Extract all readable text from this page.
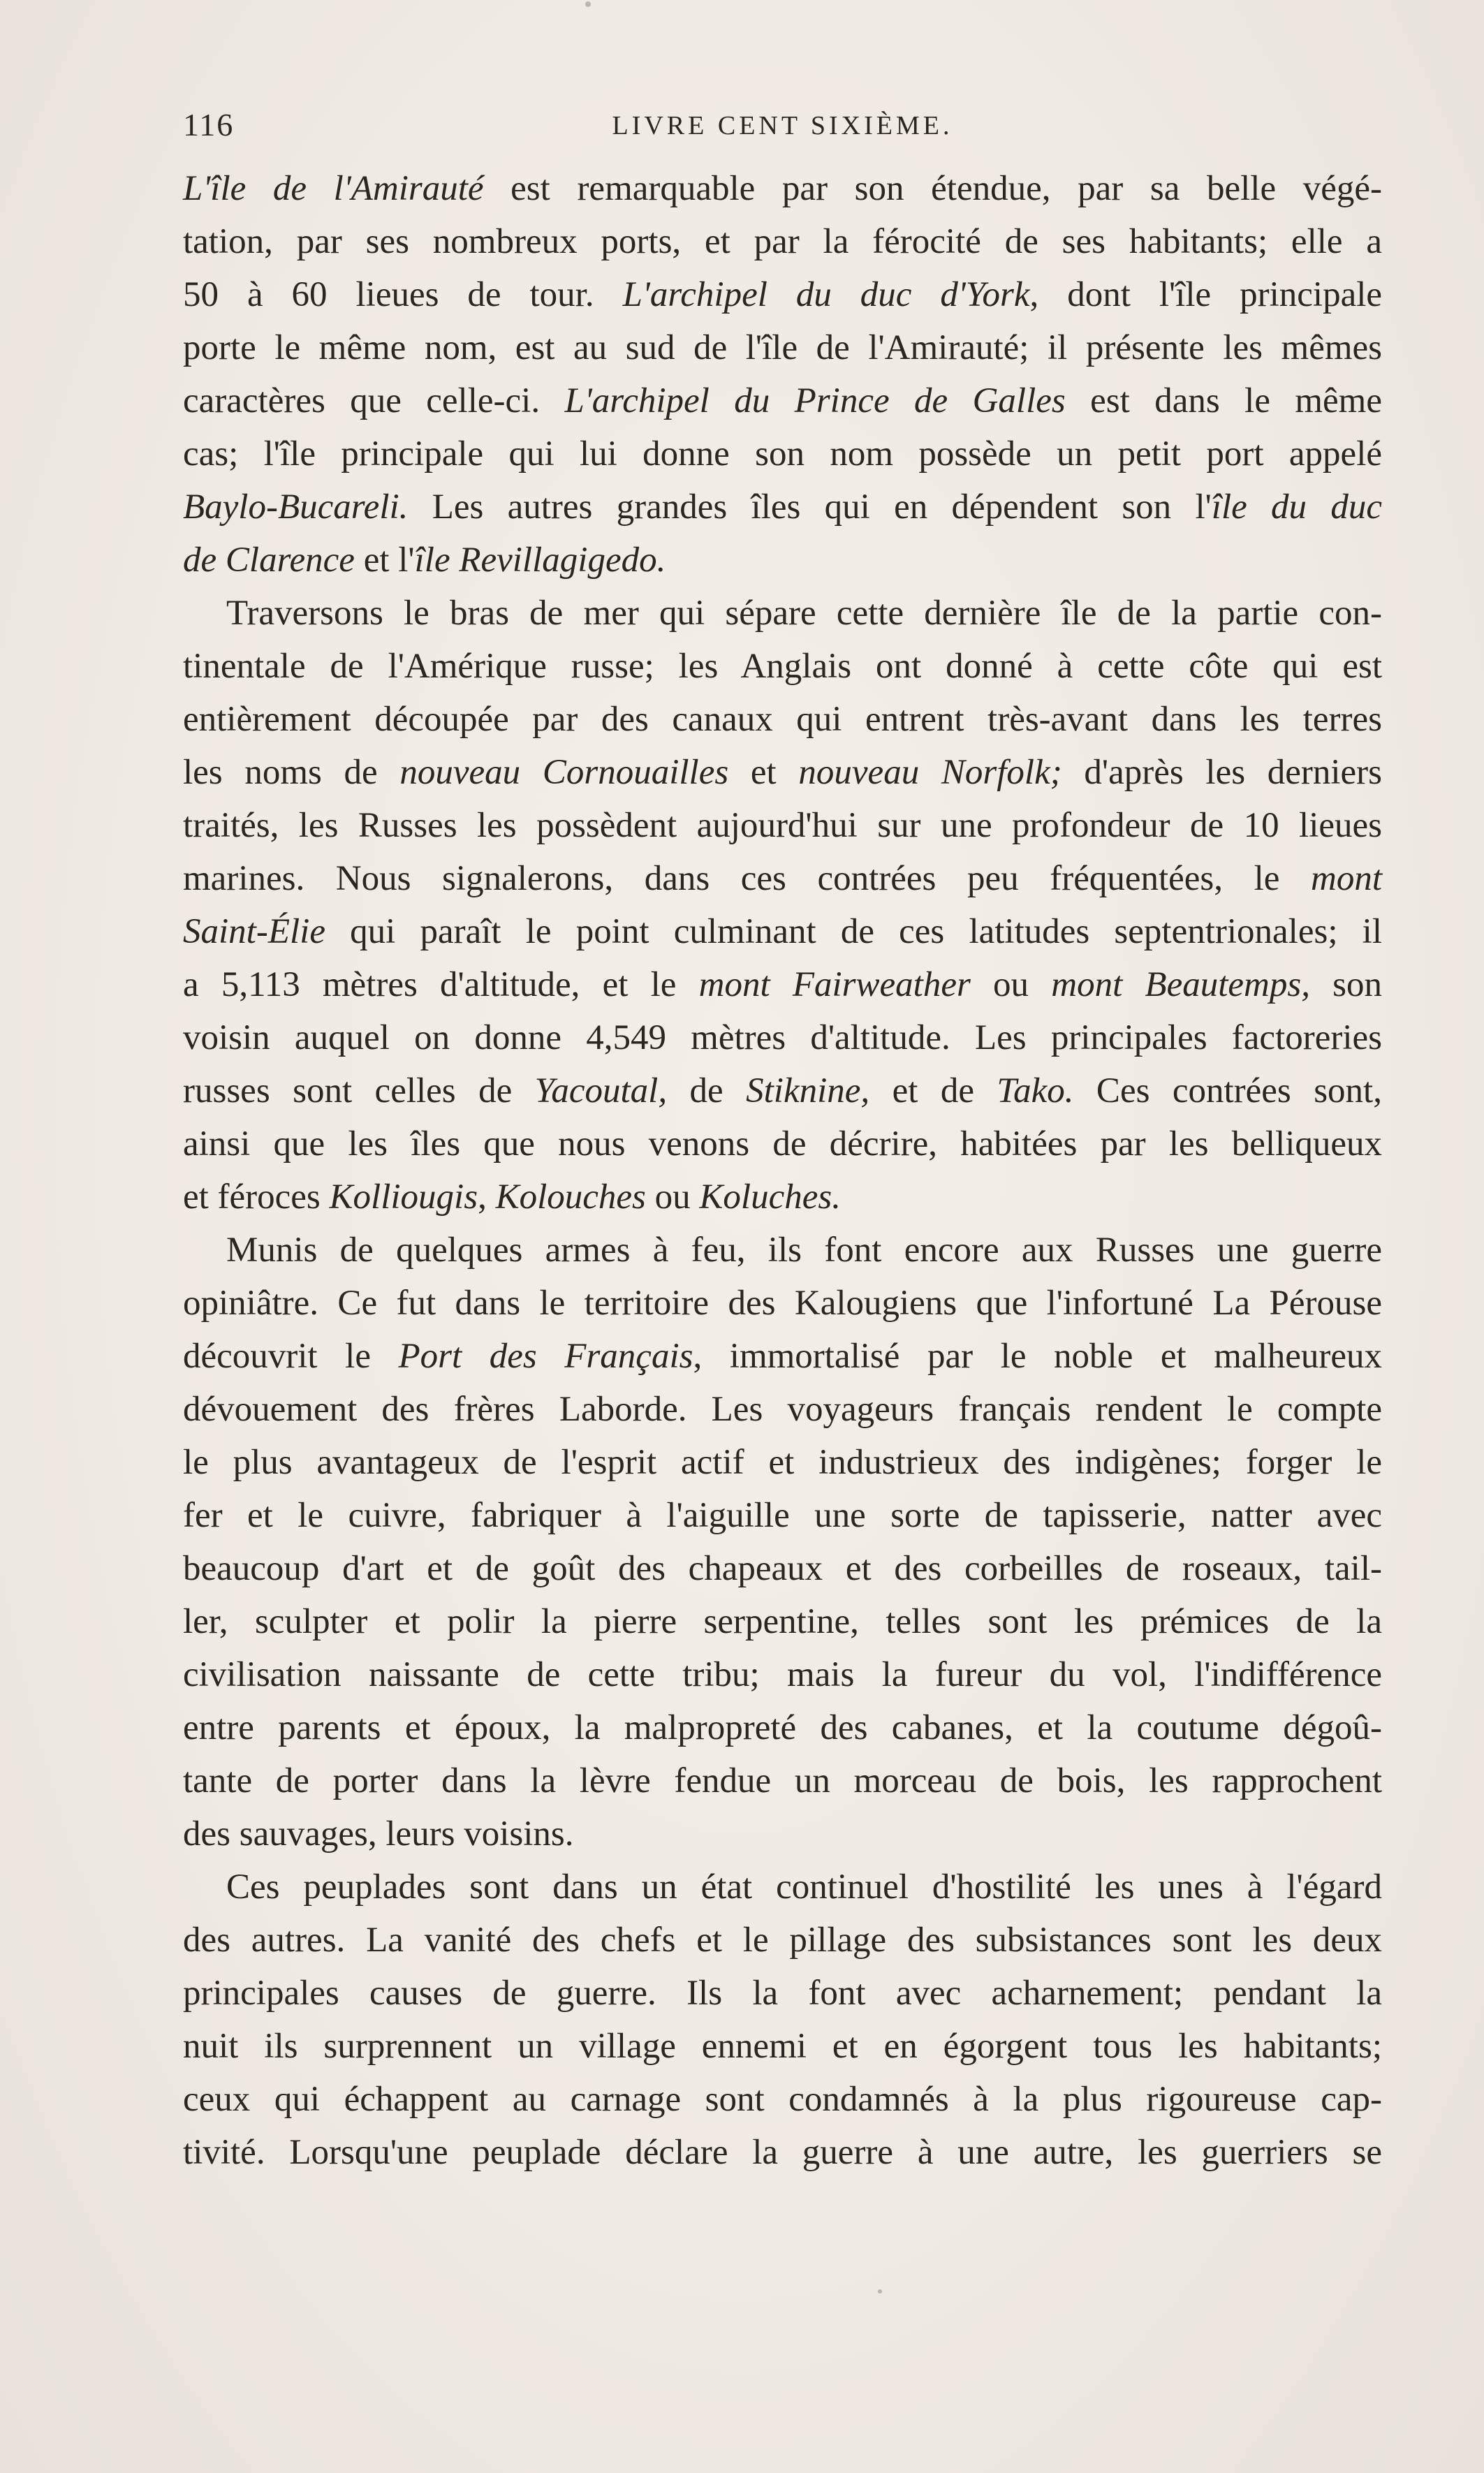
116	LIVRE CENT SIXIÈME.
L'île de l'Amirauté est remarquable par son étendue, par sa belle végé-
tation, par ses nombreux ports, et par la férocité de ses habitants; elle a
50 à 60 lieues de tour. L'archipel du duc d'York, dont l'île principale
porte le même nom, est au sud de l'île de l'Amirauté; il présente les mêmes
caractères que celle-ci. L'archipel du Prince de Galles est dans le même
cas; l'île principale qui lui donne son nom possède un petit port appelé
Baylo-Bucareli. Les autres grandes îles qui en dépendent son l'île du duc
de Clarence et l'île Revillagigedo.
Traversons le bras de mer qui sépare cette dernière île de la partie con-
tinentale de l'Amérique russe; les Anglais ont donné à cette côte qui est
entièrement découpée par des canaux qui entrent très-avant dans les terres
les noms de nouveau Cornouailles et nouveau Norfolk; d'après les derniers
traités, les Russes les possèdent aujourd'hui sur une profondeur de 10 lieues
marines. Nous signalerons, dans ces contrées peu fréquentées, le mont
Saint-Élie qui paraît le point culminant de ces latitudes septentrionales; il
a 5,113 mètres d'altitude, et le mont Fairweather ou mont Beautemps, son
voisin auquel on donne 4,549 mètres d'altitude. Les principales factoreries
russes sont celles de Yacoutal, de Stiknine, et de Tako. Ces contrées sont,
ainsi que les îles que nous venons de décrire, habitées par les belliqueux
et féroces Kolliougis, Kolouches ou Koluches.
Munis de quelques armes à feu, ils font encore aux Russes une guerre
opiniâtre. Ce fut dans le territoire des Kalougiens que l'infortuné La Pérouse
découvrit le Port des Français, immortalisé par le noble et malheureux
dévouement des frères Laborde. Les voyageurs français rendent le compte
le plus avantageux de l'esprit actif et industrieux des indigènes; forger le
fer et le cuivre, fabriquer à l'aiguille une sorte de tapisserie, natter avec
beaucoup d'art et de goût des chapeaux et des corbeilles de roseaux, tail-
ler, sculpter et polir la pierre serpentine, telles sont les prémices de la
civilisation naissante de cette tribu; mais la fureur du vol, l'indifférence
entre parents et époux, la malpropreté des cabanes, et la coutume dégoû-
tante de porter dans la lèvre fendue un morceau de bois, les rapprochent
des sauvages, leurs voisins.
Ces peuplades sont dans un état continuel d'hostilité les unes à l'égard
des autres. La vanité des chefs et le pillage des subsistances sont les deux
principales causes de guerre. Ils la font avec acharnement; pendant la
nuit ils surprennent un village ennemi et en égorgent tous les habitants;
ceux qui échappent au carnage sont condamnés à la plus rigoureuse cap-
tivité. Lorsqu'une peuplade déclare la guerre à une autre, les guerriers se
